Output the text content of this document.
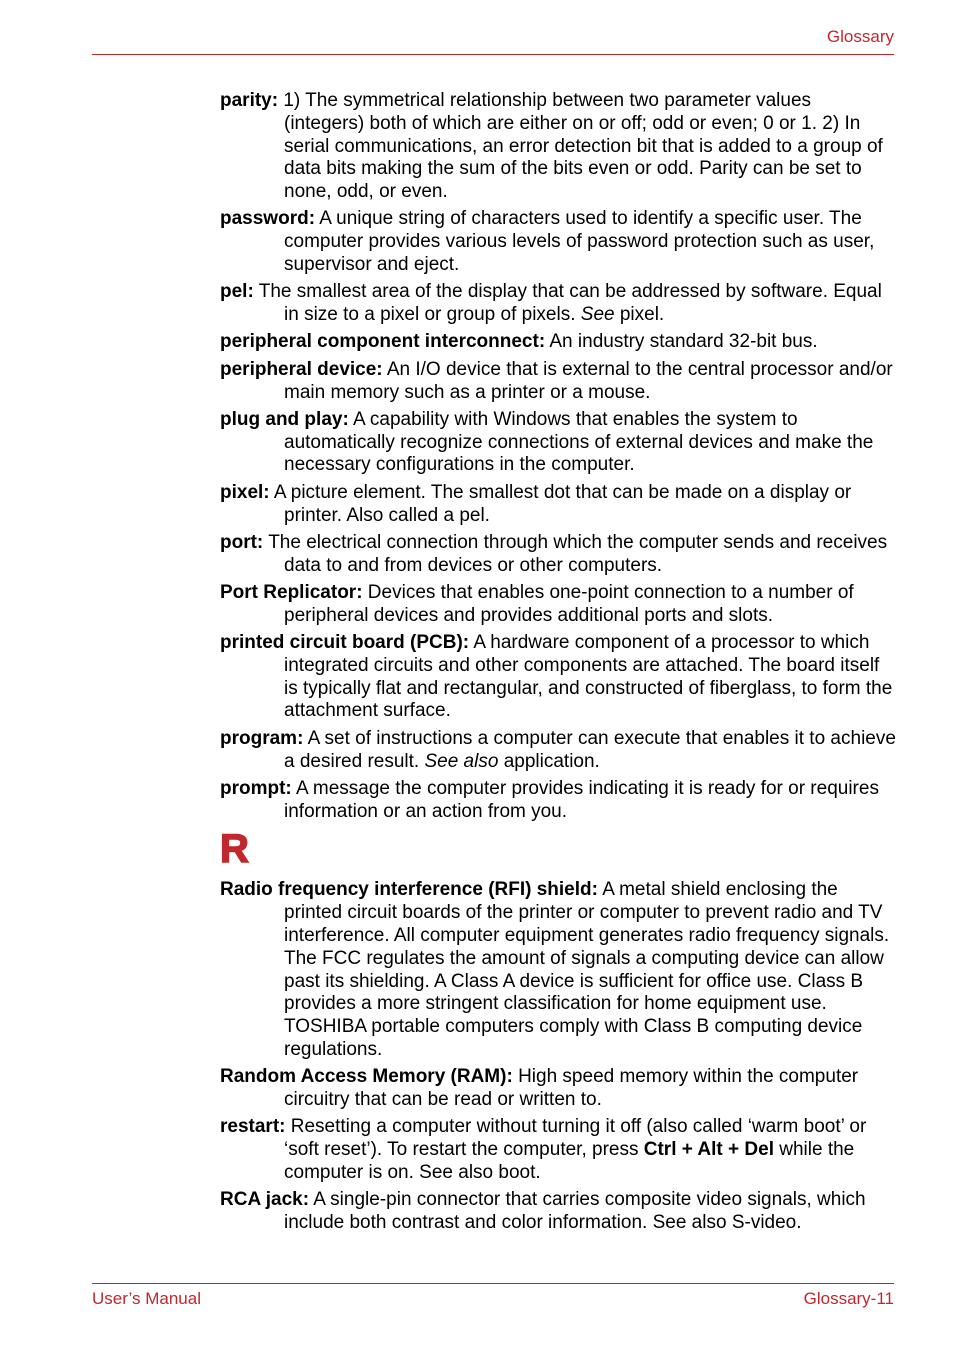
Glossary
parity: 1) The symmetrical relationship between two parameter values (integers) both of which are either on or off; odd or even; 0 or 1. 2) In serial communications, an error detection bit that is added to a group of data bits making the sum of the bits even or odd. Parity can be set to none, odd, or even.
password: A unique string of characters used to identify a specific user. The computer provides various levels of password protection such as user, supervisor and eject.
pel: The smallest area of the display that can be addressed by software. Equal in size to a pixel or group of pixels. See pixel.
peripheral component interconnect: An industry standard 32-bit bus.
peripheral device: An I/O device that is external to the central processor and/or main memory such as a printer or a mouse.
plug and play: A capability with Windows that enables the system to automatically recognize connections of external devices and make the necessary configurations in the computer.
pixel: A picture element. The smallest dot that can be made on a display or printer. Also called a pel.
port: The electrical connection through which the computer sends and receives data to and from devices or other computers.
Port Replicator: Devices that enables one-point connection to a number of peripheral devices and provides additional ports and slots.
printed circuit board (PCB): A hardware component of a processor to which integrated circuits and other components are attached. The board itself is typically flat and rectangular, and constructed of fiberglass, to form the attachment surface.
program: A set of instructions a computer can execute that enables it to achieve a desired result. See also application.
prompt: A message the computer provides indicating it is ready for or requires information or an action from you.
R
Radio frequency interference (RFI) shield: A metal shield enclosing the printed circuit boards of the printer or computer to prevent radio and TV interference. All computer equipment generates radio frequency signals. The FCC regulates the amount of signals a computing device can allow past its shielding. A Class A device is sufficient for office use. Class B provides a more stringent classification for home equipment use. TOSHIBA portable computers comply with Class B computing device regulations.
Random Access Memory (RAM): High speed memory within the computer circuitry that can be read or written to.
restart: Resetting a computer without turning it off (also called ‘warm boot’ or ‘soft reset’). To restart the computer, press Ctrl + Alt + Del while the computer is on. See also boot.
RCA jack: A single-pin connector that carries composite video signals, which include both contrast and color information. See also S-video.
User’s Manual	Glossary-11
